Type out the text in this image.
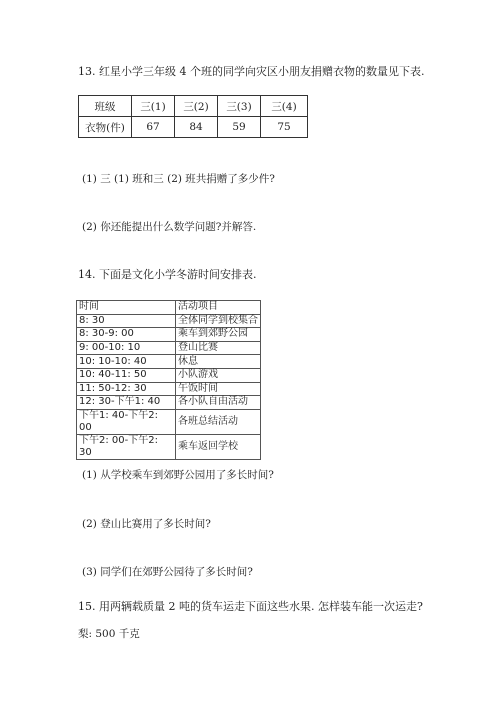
13. 红星小学三年级 4 个班的同学向灾区小朋友捐赠衣物的数量见下表.
班级	三(1)	三(2)	三(3)	三(4)
衣物(件)	67	84	59	75
(1) 三 (1) 班和三 (2) 班共捐赠了多少件?
(2) 你还能提出什么数学问题?并解答.
14. 下面是文化小学冬游时间安排表.
时间	活动项目
8: 30	全体同学到校集合
8: 30-9: 00	乘车到郊野公园
9: 00-10: 10	登山比赛
10: 10-10: 40	休息
10: 40-11: 50	小队游戏
11: 50-12: 30	午饭时间
12: 30-下午1: 40	各小队自由活动
下午1: 40-下午2: 00	各班总结活动
下午2: 00-下午2: 30	乘车返回学校
(1) 从学校乘车到郊野公园用了多长时间?
(2) 登山比赛用了多长时间?
(3) 同学们在郊野公园待了多长时间?
15. 用两辆载质量 2 吨的货车运走下面这些水果. 怎样装车能一次运走?
梨: 500 千克
